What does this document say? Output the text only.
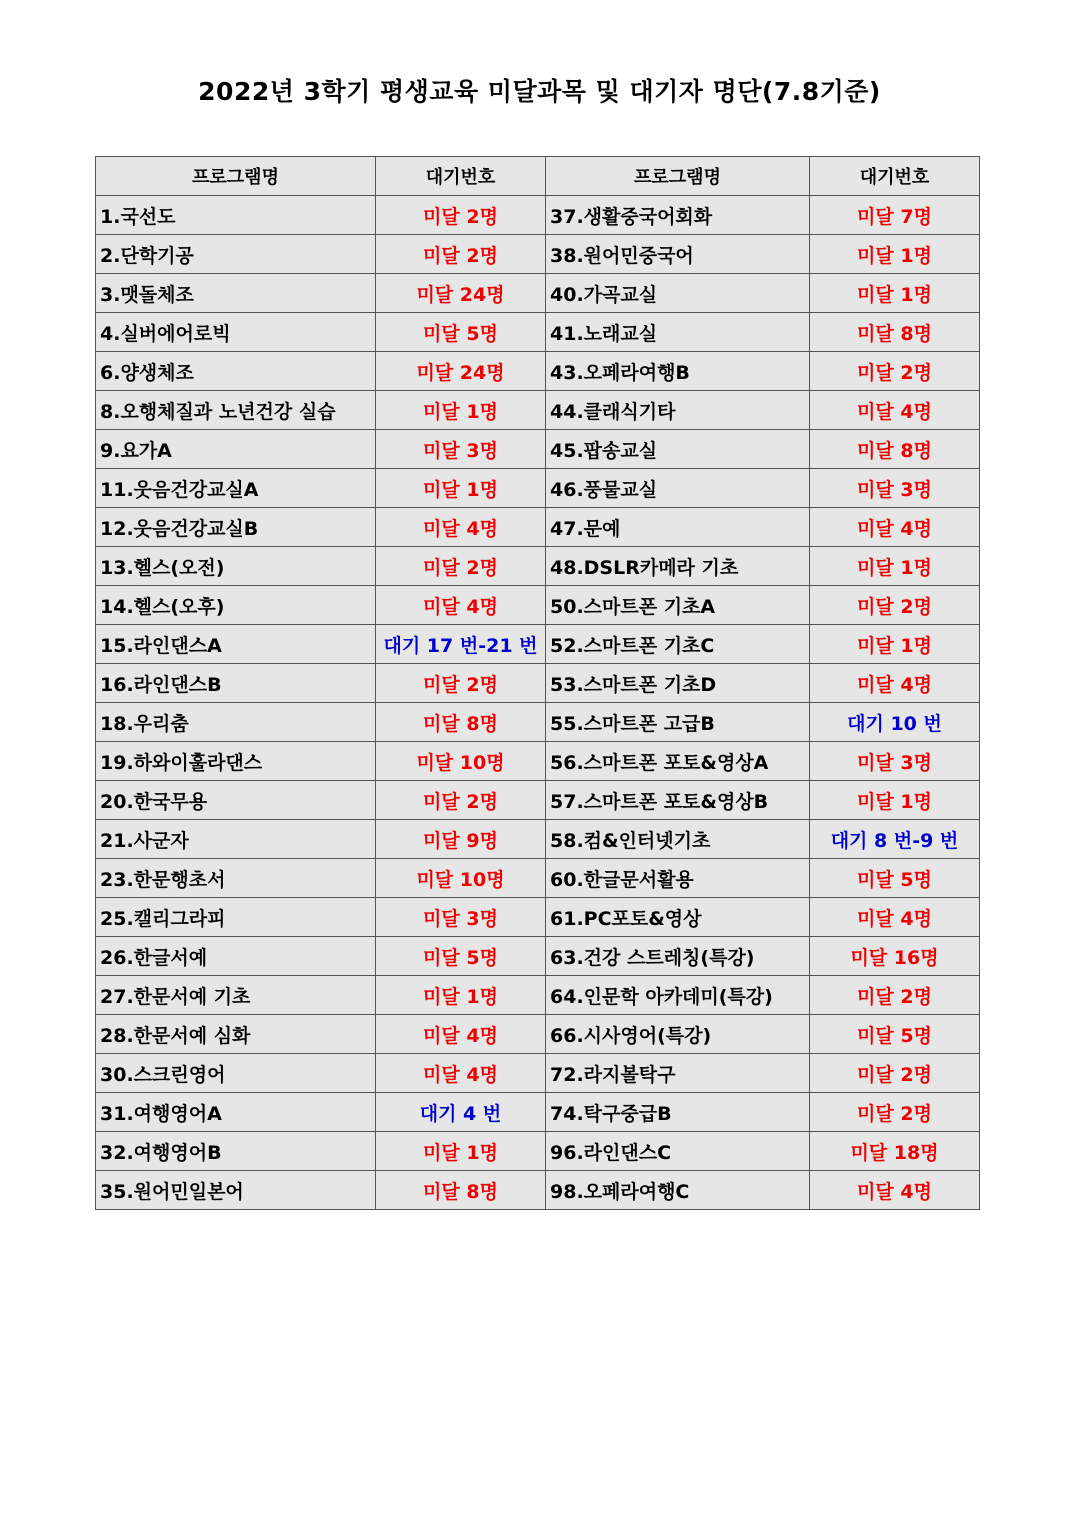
2022년 3학기 평생교육 미달과목 및 대기자 명단(7.8기준)
프로그램명	대기번호	프로그램명	대기번호
1.국선도	미달 2명	37.생활중국어회화	미달 7명
2.단학기공	미달 2명	38.원어민중국어	미달 1명
3.맷돌체조	미달 24명	40.가곡교실	미달 1명
4.실버에어로빅	미달 5명	41.노래교실	미달 8명
6.양생체조	미달 24명	43.오페라여행B	미달 2명
8.오행체질과 노년건강 실습	미달 1명	44.클래식기타	미달 4명
9.요가A	미달 3명	45.팝송교실	미달 8명
11.웃음건강교실A	미달 1명	46.풍물교실	미달 3명
12.웃음건강교실B	미달 4명	47.문예	미달 4명
13.헬스(오전)	미달 2명	48.DSLR카메라 기초	미달 1명
14.헬스(오후)	미달 4명	50.스마트폰 기초A	미달 2명
15.라인댄스A	대기 17 번-21 번	52.스마트폰 기초C	미달 1명
16.라인댄스B	미달 2명	53.스마트폰 기초D	미달 4명
18.우리춤	미달 8명	55.스마트폰 고급B	대기 10 번
19.하와이훌라댄스	미달 10명	56.스마트폰 포토&영상A	미달 3명
20.한국무용	미달 2명	57.스마트폰 포토&영상B	미달 1명
21.사군자	미달 9명	58.컴&인터넷기초	대기 8 번-9 번
23.한문행초서	미달 10명	60.한글문서활용	미달 5명
25.캘리그라피	미달 3명	61.PC포토&영상	미달 4명
26.한글서예	미달 5명	63.건강 스트레칭(특강)	미달 16명
27.한문서예 기초	미달 1명	64.인문학 아카데미(특강)	미달 2명
28.한문서예 심화	미달 4명	66.시사영어(특강)	미달 5명
30.스크린영어	미달 4명	72.라지볼탁구	미달 2명
31.여행영어A	대기 4 번	74.탁구중급B	미달 2명
32.여행영어B	미달 1명	96.라인댄스C	미달 18명
35.원어민일본어	미달 8명	98.오페라여행C	미달 4명
